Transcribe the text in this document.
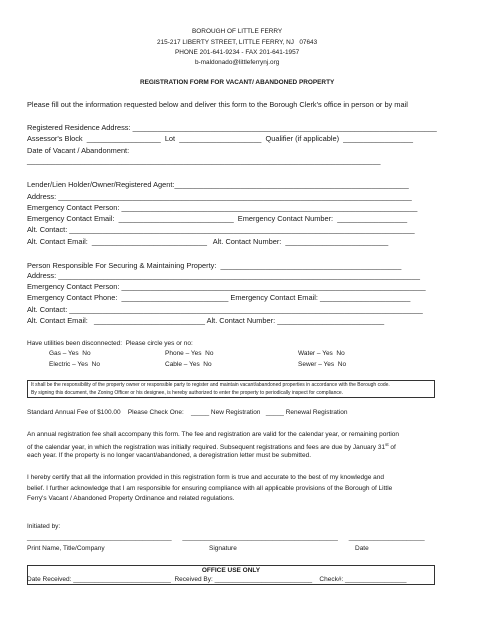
BOROUGH OF LITTLE FERRY
215-217 LIBERTY STREET, LITTLE FERRY, NJ   07643
PHONE 201-641-9234 - FAX 201-641-1957
b-maldonado@littleferrynj.org
REGISTRATION FORM FOR VACANT/ ABANDONED PROPERTY
Please fill out the information requested below and deliver this form to the Borough Clerk's office in person or by mail
Registered Residence Address: __________________________________________________________________________
Assessor's Block  __________________  Lot  ____________________  Qualifier (if applicable)  _________________
Date of Vacant / Abandonment:
______________________________________________________________________________________
Lender/Lien Holder/Owner/Registered Agent:_________________________________________________________
Address: ______________________________________________________________________________________
Emergency Contact Person: ________________________________________________________________________
Emergency Contact Email:  ____________________________  Emergency Contact Number:  _________________
Alt. Contact: ____________________________________________________________________________________
Alt. Contact Email:  ____________________________   Alt. Contact Number:  _________________________
Person Responsible For Securing & Maintaining Property:  ____________________________________________
Address: ________________________________________________________________________________________
Emergency Contact Person: __________________________________________________________________________
Emergency Contact Phone:  __________________________ Emergency Contact Email: ______________________
Alt. Contact: ______________________________________________________________________________________
Alt. Contact Email:   ___________________________ Alt. Contact Number: __________________________
Have utilities been disconnected:  Please circle yes or no:
Gas – Yes  No	Phone – Yes  No	Water – Yes  No
Electric – Yes  No	Cable – Yes  No	Sewer – Yes  No
It shall be the responsibility of the property owner or responsible party to register and maintain vacant/abandoned properties in accordance with the Borough code.
By signing this document, the Zoning Officer or his designee, is hereby authorized to enter the property to periodically inspect for compliance.
Standard Annual Fee of $100.00    Please Check One:    _____ New Registration   _____ Renewal Registration
An annual registration fee shall accompany this form. The fee and registration are valid for the calendar year, or remaining portion
of the calendar year, in which the registration was initially required. Subsequent registrations and fees are due by January 31st of
each year. If the property is no longer vacant/abandoned, a deregistration letter must be submitted.
I hereby certify that all the information provided in this registration form is true and accurate to the best of my knowledge and
belief. I further acknowledge that I am responsible for ensuring compliance with all applicable provisions of the Borough of Little
Ferry's Vacant / Abandoned Property Ordinance and related regulations.
Initiated by:
________________________________________      ___________________________________________      _____________________
Print Name, Title/Company	Signature	Date
OFFICE USE ONLY
Date Received: ___________________________  Received By: ___________________________    Check#: _________________
